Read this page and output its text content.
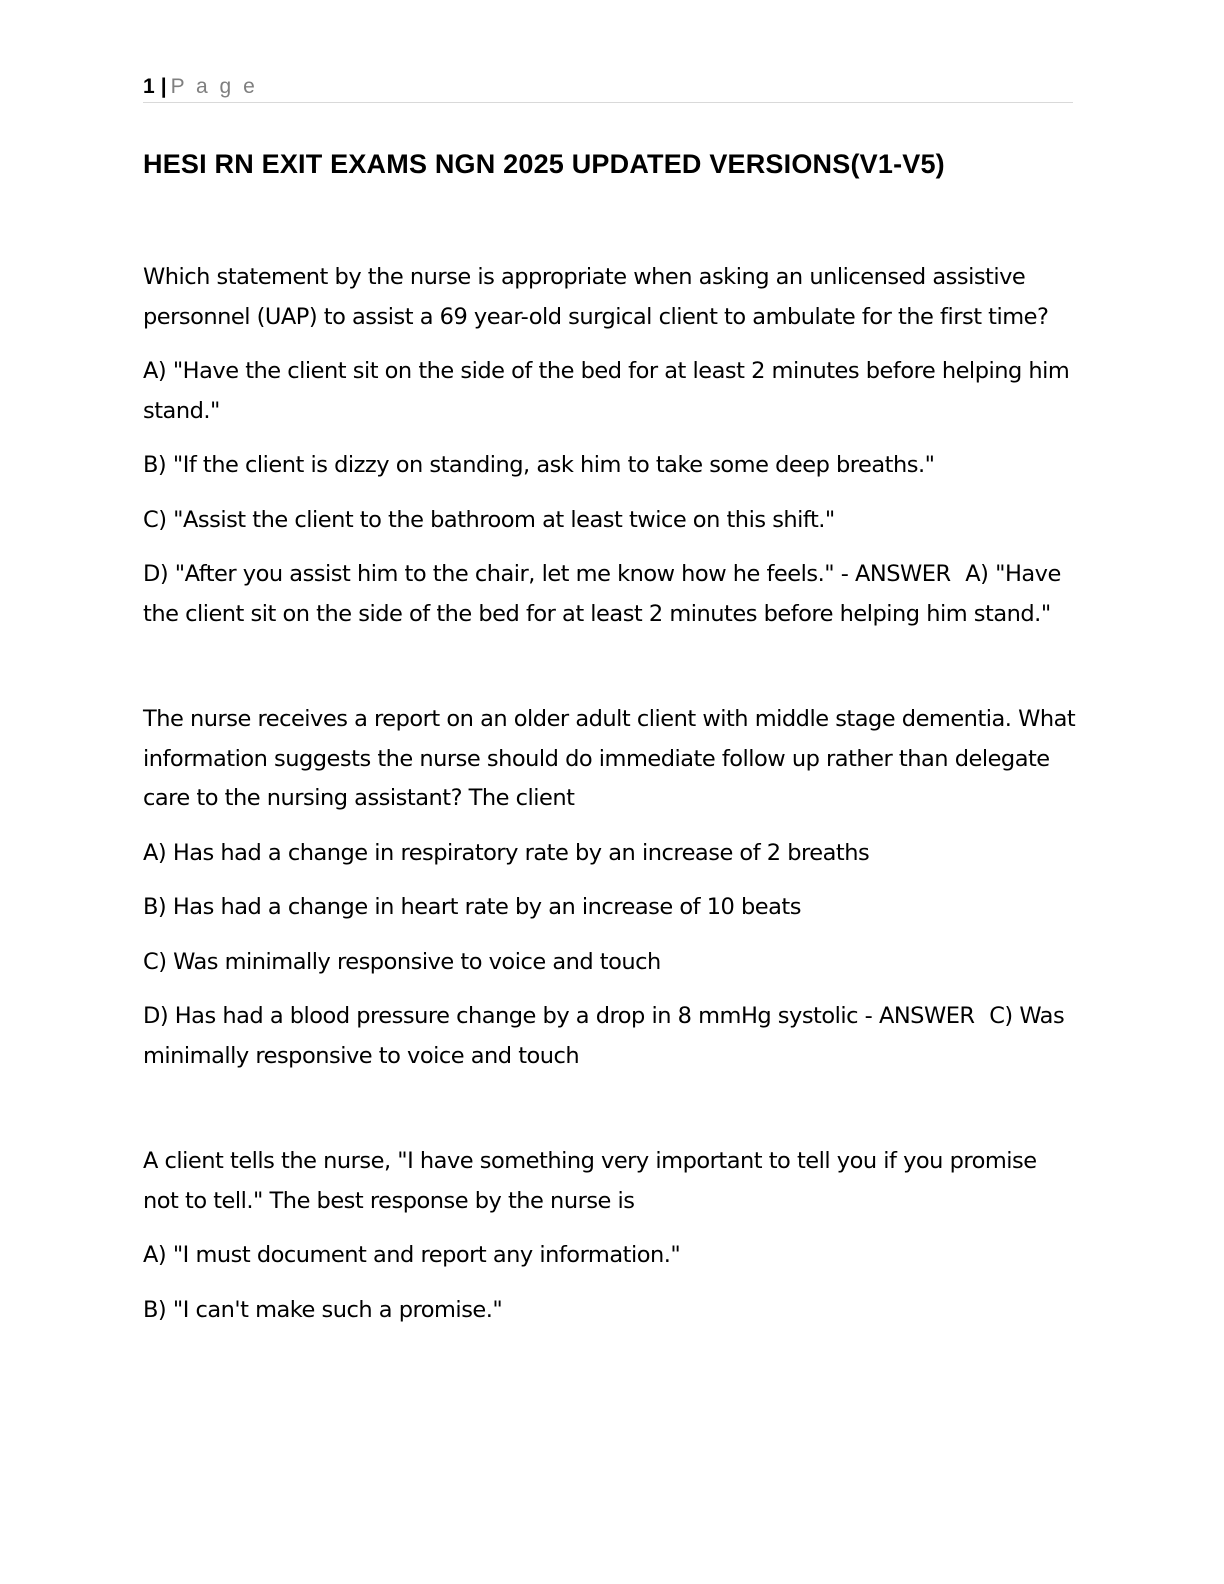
1 | P a g e
HESI RN EXIT EXAMS NGN 2025 UPDATED VERSIONS(V1-V5)

Which statement by the nurse is appropriate when asking an unlicensed assistive personnel (UAP) to assist a 69 year-old surgical client to ambulate for the first time?

A) "Have the client sit on the side of the bed for at least 2 minutes before helping him stand."

B) "If the client is dizzy on standing, ask him to take some deep breaths."

C) "Assist the client to the bathroom at least twice on this shift."

D) "After you assist him to the chair, let me know how he feels." - ANSWER A) "Have the client sit on the side of the bed for at least 2 minutes before helping him stand."

The nurse receives a report on an older adult client with middle stage dementia. What information suggests the nurse should do immediate follow up rather than delegate care to the nursing assistant? The client

A) Has had a change in respiratory rate by an increase of 2 breaths

B) Has had a change in heart rate by an increase of 10 beats

C) Was minimally responsive to voice and touch

D) Has had a blood pressure change by a drop in 8 mmHg systolic - ANSWER C) Was minimally responsive to voice and touch

A client tells the nurse, "I have something very important to tell you if you promise not to tell." The best response by the nurse is

A) "I must document and report any information."

B) "I can't make such a promise."
